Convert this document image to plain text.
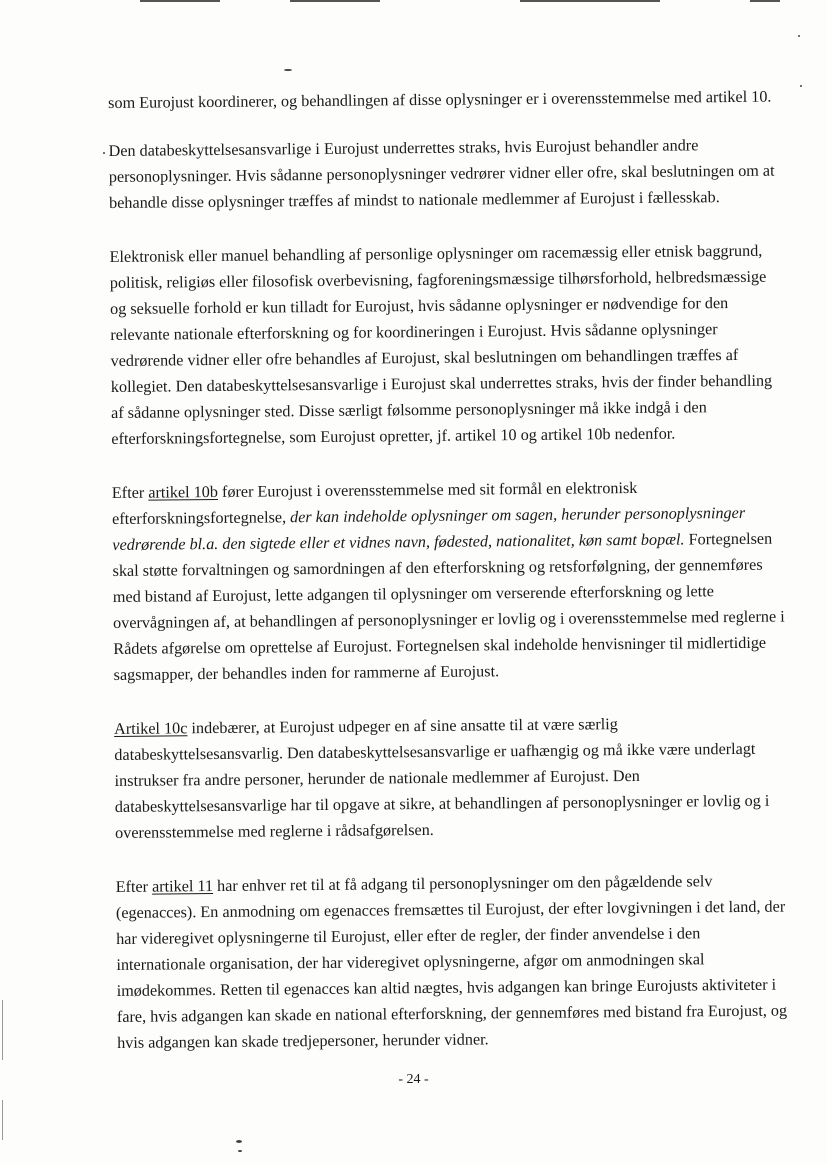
som Eurojust koordinerer, og behandlingen af disse oplysninger er i overensstemmelse med artikel 10.

Den databeskyttelsesansvarlige i Eurojust underrettes straks, hvis Eurojust behandler andre personoplysninger. Hvis sådanne personoplysninger vedrører vidner eller ofre, skal beslutningen om at behandle disse oplysninger træffes af mindst to nationale medlemmer af Eurojust i fællesskab.

Elektronisk eller manuel behandling af personlige oplysninger om racemæssig eller etnisk baggrund, politisk, religiøs eller filosofisk overbevisning, fagforeningsmæssige tilhørsforhold, helbredsmæssige og seksuelle forhold er kun tilladt for Eurojust, hvis sådanne oplysninger er nødvendige for den relevante nationale efterforskning og for koordineringen i Eurojust. Hvis sådanne oplysninger vedrørende vidner eller ofre behandles af Eurojust, skal beslutningen om behandlingen træffes af kollegiet. Den databeskyttelsesansvarlige i Eurojust skal underrettes straks, hvis der finder behandling af sådanne oplysninger sted. Disse særligt følsomme personoplysninger må ikke indgå i den efterforskningsfortegnelse, som Eurojust opretter, jf. artikel 10 og artikel 10b nedenfor.

Efter artikel 10b fører Eurojust i overensstemmelse med sit formål en elektronisk efterforskningsfortegnelse, der kan indeholde oplysninger om sagen, herunder personoplysninger vedrørende bl.a. den sigtede eller et vidnes navn, fødested, nationalitet, køn samt bopæl. Fortegnelsen skal støtte forvaltningen og samordningen af den efterforskning og retsforfølgning, der gennemføres med bistand af Eurojust, lette adgangen til oplysninger om verserende efterforskning og lette overvågningen af, at behandlingen af personoplysninger er lovlig og i overensstemmelse med reglerne i Rådets afgørelse om oprettelse af Eurojust. Fortegnelsen skal indeholde henvisninger til midlertidige sagsmapper, der behandles inden for rammerne af Eurojust.

Artikel 10c indebærer, at Eurojust udpeger en af sine ansatte til at være særlig databeskyttelsesansvarlig. Den databeskyttelsesansvarlige er uafhængig og må ikke være underlagt instrukser fra andre personer, herunder de nationale medlemmer af Eurojust. Den databeskyttelsesansvarlige har til opgave at sikre, at behandlingen af personoplysninger er lovlig og i overensstemmelse med reglerne i rådsafgørelsen.

Efter artikel 11 har enhver ret til at få adgang til personoplysninger om den pågældende selv (egenacces). En anmodning om egenacces fremsættes til Eurojust, der efter lovgivningen i det land, der har videregivet oplysningerne til Eurojust, eller efter de regler, der finder anvendelse i den internationale organisation, der har videregivet oplysningerne, afgør om anmodningen skal imødekommes. Retten til egenacces kan altid nægtes, hvis adgangen kan bringe Eurojusts aktiviteter i fare, hvis adgangen kan skade en national efterforskning, der gennemføres med bistand fra Eurojust, og hvis adgangen kan skade tredjepersoner, herunder vidner.

- 24 -
